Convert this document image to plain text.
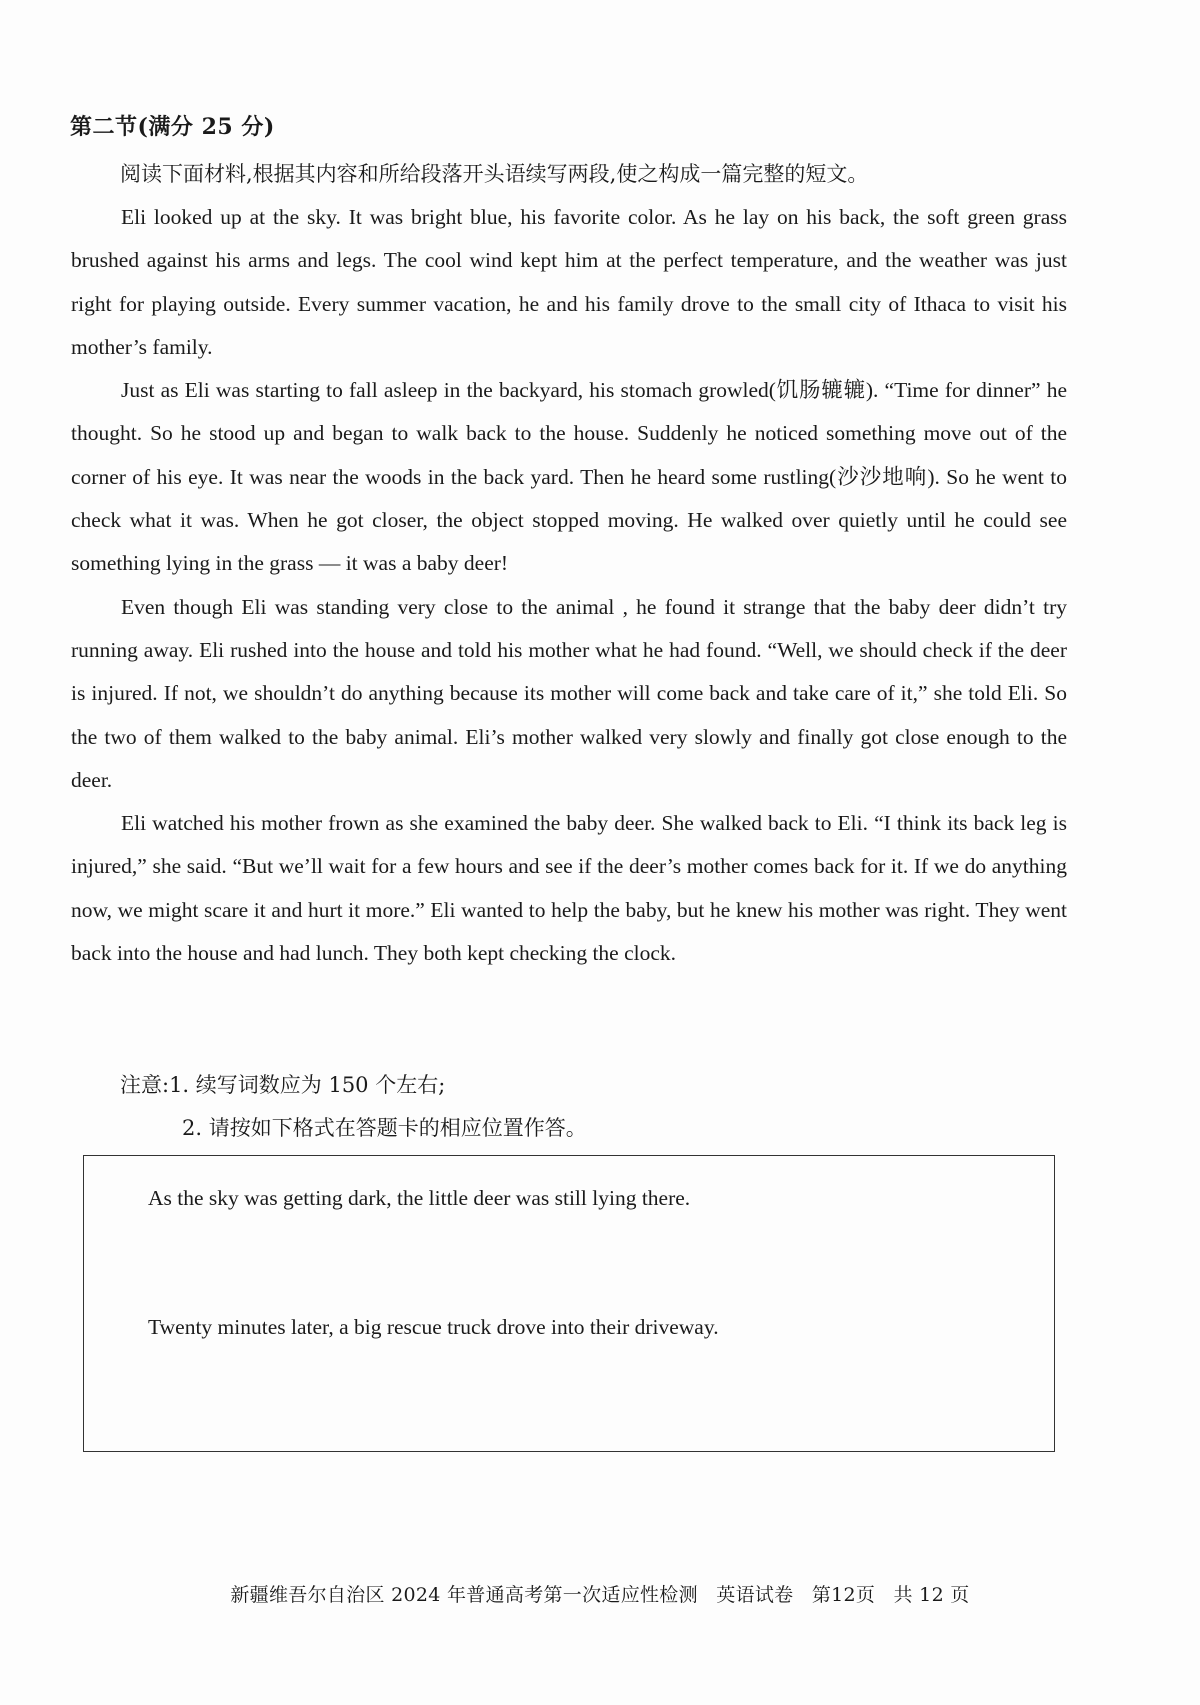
第二节(满分 25 分)
阅读下面材料,根据其内容和所给段落开头语续写两段,使之构成一篇完整的短文。

Eli looked up at the sky. It was bright blue, his favorite color. As he lay on his back, the soft green grass brushed against his arms and legs. The cool wind kept him at the perfect temperature, and the weather was just right for playing outside. Every summer vacation, he and his family drove to the small city of Ithaca to visit his mother’s family.

Just as Eli was starting to fall asleep in the backyard, his stomach growled(饥肠辘辘). “Time for dinner” he thought. So he stood up and began to walk back to the house. Suddenly he noticed something move out of the corner of his eye. It was near the woods in the back yard. Then he heard some rustling(沙沙地响). So he went to check what it was. When he got closer, the object stopped moving. He walked over quietly until he could see something lying in the grass — it was a baby deer!

Even though Eli was standing very close to the animal , he found it strange that the baby deer didn’t try running away. Eli rushed into the house and told his mother what he had found. “Well, we should check if the deer is injured. If not, we shouldn’t do anything because its mother will come back and take care of it,” she told Eli. So the two of them walked to the baby animal. Eli’s mother walked very slowly and finally got close enough to the deer.

Eli watched his mother frown as she examined the baby deer. She walked back to Eli. “I think its back leg is injured,” she said. “But we’ll wait for a few hours and see if the deer’s mother comes back for it. If we do anything now, we might scare it and hurt it more.” Eli wanted to help the baby, but he knew his mother was right. They went back into the house and had lunch. They both kept checking the clock.

注意:1. 续写词数应为 150 个左右;
2. 请按如下格式在答题卡的相应位置作答。
As the sky was getting dark, the little deer was still lying there.
Twenty minutes later, a big rescue truck drove into their driveway.
新疆维吾尔自治区 2024 年普通高考第一次适应性检测 英语试卷 第12页 共 12 页
